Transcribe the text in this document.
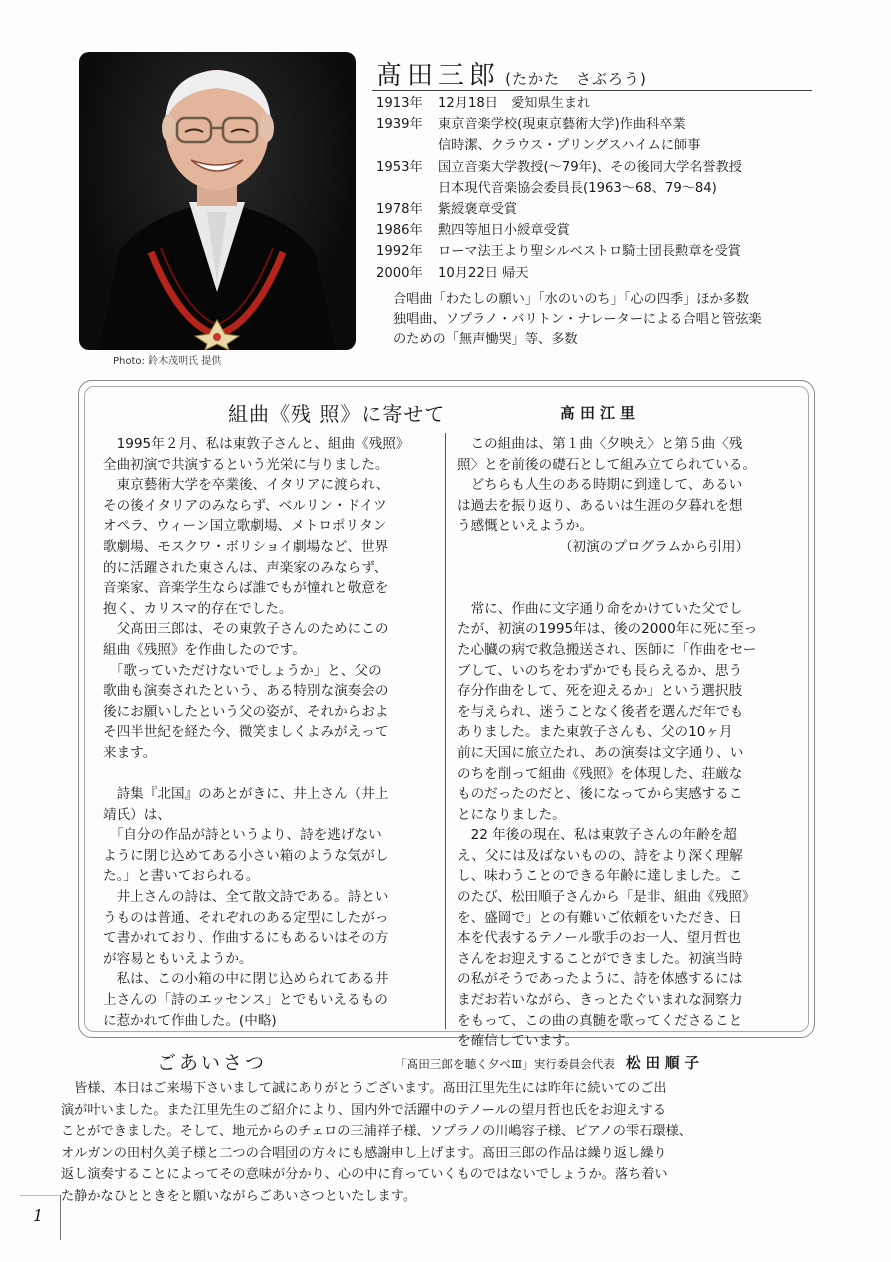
Photo: 鈴木茂明氏 提供
髙田三郎 (たかた　さぶろう)
1913年	12月18日　愛知県生まれ
1939年	東京音楽学校(現東京藝術大学)作曲科卒業
信時潔、クラウス・プリングスハイムに師事
1953年	国立音楽大学教授(〜79年)、その後同大学名誉教授
日本現代音楽協会委員長(1963〜68、79〜84)
1978年	紫綬褒章受賞
1986年	勲四等旭日小綬章受賞
1992年	ローマ法王より聖シルベストロ騎士団長勲章を受賞
2000年	10月22日 帰天
合唱曲「わたしの願い」「水のいのち」「心の四季」ほか多数
独唱曲、ソプラノ・バリトン・ナレーターによる合唱と管弦楽
のための「無声慟哭」等、多数
組曲《残 照》に寄せて	髙田江里

　1995年２月、私は東敦子さんと、組曲《残照》

全曲初演で共演するという光栄に与りました。

　東京藝術大学を卒業後、イタリアに渡られ、

その後イタリアのみならず、ベルリン・ドイツ

オペラ、ウィーン国立歌劇場、メトロポリタン

歌劇場、モスクワ・ボリショイ劇場など、世界

的に活躍された東さんは、声楽家のみならず、

音楽家、音楽学生ならば誰でもが憧れと敬意を

抱く、カリスマ的存在でした。

　父髙田三郎は、その東敦子さんのためにこの

組曲《残照》を作曲したのです。

　「歌っていただけないでしょうか」と、父の

歌曲も演奏されたという、ある特別な演奏会の

後にお願いしたという父の姿が、それからおよ

そ四半世紀を経た今、微笑ましくよみがえって

来ます。

　詩集『北国』のあとがきに、井上さん（井上

靖氏）は、

　「自分の作品が詩というより、詩を逃げない

ように閉じ込めてある小さい箱のような気がし

た。」と書いておられる。

　井上さんの詩は、全て散文詩である。詩とい

うものは普通、それぞれのある定型にしたがっ

て書かれており、作曲するにもあるいはその方

が容易ともいえようか。

　私は、この小箱の中に閉じ込められてある井

上さんの「詩のエッセンス」とでもいえるもの

に惹かれて作曲した。(中略)

　この組曲は、第１曲〈夕映え〉と第５曲〈残

照〉とを前後の礎石として組み立てられている。

　どちらも人生のある時期に到達して、あるい

は過去を振り返り、あるいは生涯の夕暮れを想

う感慨といえようか。

　　　　　　　　（初演のプログラムから引用）

　常に、作曲に文字通り命をかけていた父でし

たが、初演の1995年は、後の2000年に死に至っ

た心臓の病で救急搬送され、医師に「作曲をセー

ブして、いのちをわずかでも長らえるか、思う

存分作曲をして、死を迎えるか」という選択肢

を与えられ、迷うことなく後者を選んだ年でも

ありました。また東敦子さんも、父の10ヶ月

前に天国に旅立たれ、あの演奏は文字通り、い

のちを削って組曲《残照》を体現した、荘厳な

ものだったのだと、後になってから実感するこ

とになりました。

　22 年後の現在、私は東敦子さんの年齢を超

え、父には及ばないものの、詩をより深く理解

し、味わうことのできる年齢に達しました。こ

のたび、松田順子さんから「是非、組曲《残照》

を、盛岡で」との有難いご依頼をいただき、日

本を代表するテノール歌手のお一人、望月哲也

さんをお迎えすることができました。初演当時

の私がそうであったように、詩を体感するには

まだお若いながら、きっとたぐいまれな洞察力

をもって、この曲の真髄を歌ってくださること

を確信しています。

ごあいさつ	「髙田三郎を聴く夕べⅢ」実行委員会代表 松田順子

　皆様、本日はご来場下さいまして誠にありがとうございます。髙田江里先生には昨年に続いてのご出

演が叶いました。また江里先生のご紹介により、国内外で活躍中のテノールの望月哲也氏をお迎えする

ことができました。そして、地元からのチェロの三浦祥子様、ソプラノの川嶋容子様、ピアノの雫石環様、

オルガンの田村久美子様と二つの合唱団の方々にも感謝申し上げます。髙田三郎の作品は繰り返し繰り

返し演奏することによってその意味が分かり、心の中に育っていくものではないでしょうか。落ち着い

た静かなひとときをと願いながらごあいさつといたします。

1
